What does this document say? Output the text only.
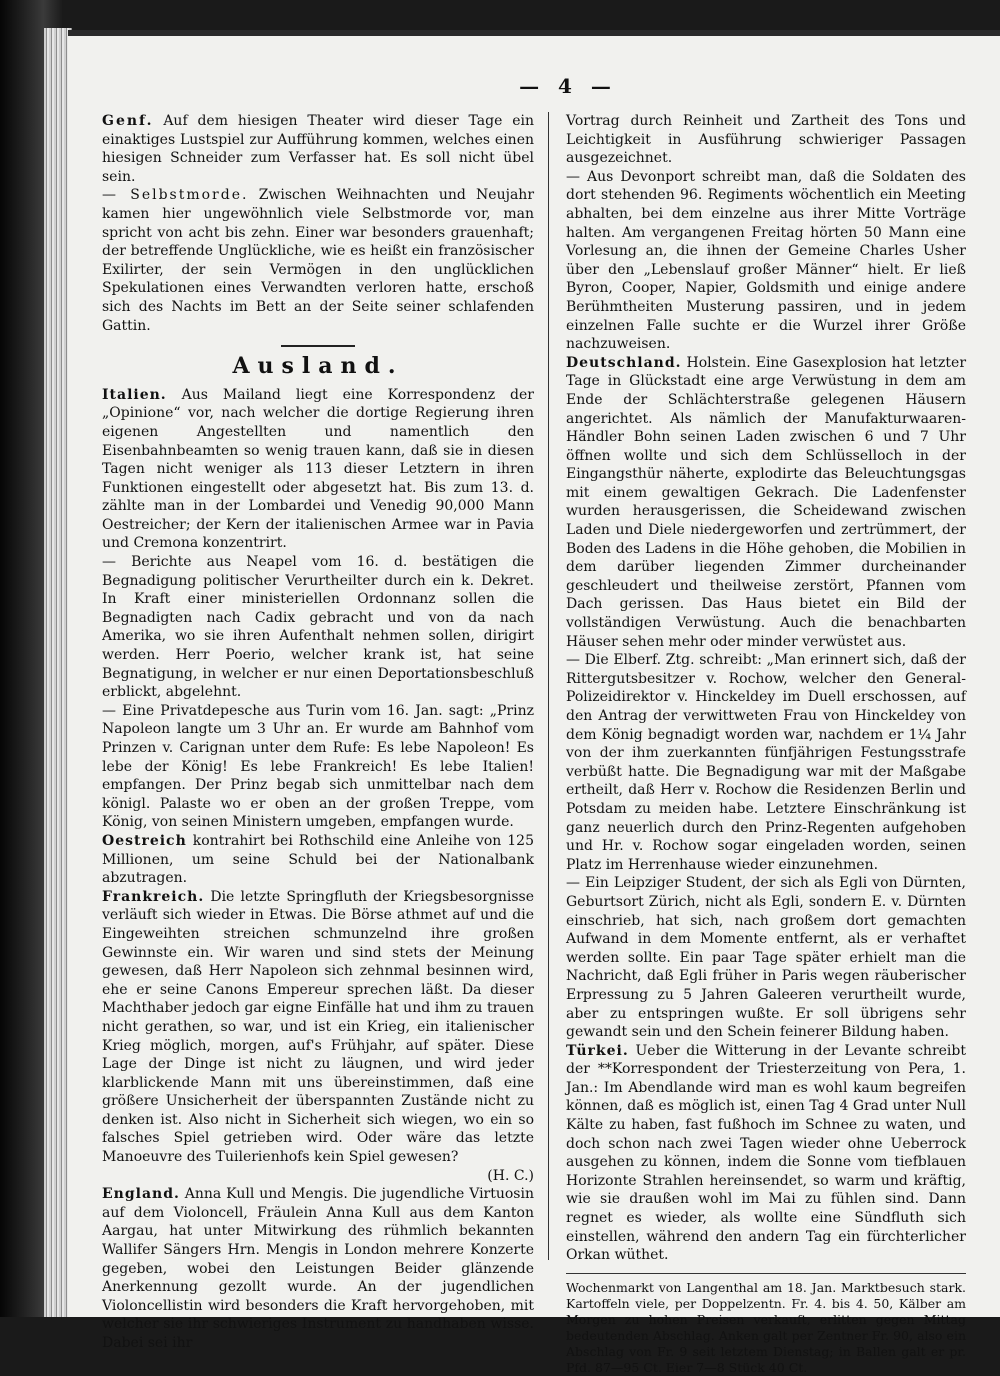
— 4 —

Genf. Auf dem hiesigen Theater wird dieser Tage ein einaktiges Lustspiel zur Aufführung kommen, welches einen hiesigen Schneider zum Verfasser hat. Es soll nicht übel sein.

— Selbstmorde. Zwischen Weihnachten und Neujahr kamen hier ungewöhnlich viele Selbstmorde vor, man spricht von acht bis zehn. Einer war besonders grauenhaft; der betreffende Unglückliche, wie es heißt ein französischer Exilirter, der sein Vermögen in den unglücklichen Spekulationen eines Verwandten verloren hatte, erschoß sich des Nachts im Bett an der Seite seiner schlafenden Gattin.

Ausland.

Italien. Aus Mailand liegt eine Korrespondenz der „Opinione“ vor, nach welcher die dortige Regierung ihren eigenen Angestellten und namentlich den Eisenbahnbeamten so wenig trauen kann, daß sie in diesen Tagen nicht weniger als 113 dieser Letztern in ihren Funktionen eingestellt oder abgesetzt hat. Bis zum 13. d. zählte man in der Lombardei und Venedig 90,000 Mann Oestreicher; der Kern der italienischen Armee war in Pavia und Cremona konzentrirt.

— Berichte aus Neapel vom 16. d. bestätigen die Begnadigung politischer Verurtheilter durch ein k. Dekret. In Kraft einer ministeriellen Ordonnanz sollen die Begnadigten nach Cadix gebracht und von da nach Amerika, wo sie ihren Aufenthalt nehmen sollen, dirigirt werden. Herr Poerio, welcher krank ist, hat seine Begnatigung, in welcher er nur einen Deportationsbeschluß erblickt, abgelehnt.

— Eine Privatdepesche aus Turin vom 16. Jan. sagt: „Prinz Napoleon langte um 3 Uhr an. Er wurde am Bahnhof vom Prinzen v. Carignan unter dem Rufe: Es lebe Napoleon! Es lebe der König! Es lebe Frankreich! Es lebe Italien! empfangen. Der Prinz begab sich unmittelbar nach dem königl. Palaste wo er oben an der großen Treppe, vom König, von seinen Ministern umgeben, empfangen wurde.

Oestreich kontrahirt bei Rothschild eine Anleihe von 125 Millionen, um seine Schuld bei der Nationalbank abzutragen.

Frankreich. Die letzte Springfluth der Kriegsbesorgnisse verläuft sich wieder in Etwas. Die Börse athmet auf und die Eingeweihten streichen schmunzelnd ihre großen Gewinnste ein. Wir waren und sind stets der Meinung gewesen, daß Herr Napoleon sich zehnmal besinnen wird, ehe er seine Canons Empereur sprechen läßt. Da dieser Machthaber jedoch gar eigne Einfälle hat und ihm zu trauen nicht gerathen, so war, und ist ein Krieg, ein italienischer Krieg möglich, morgen, auf's Frühjahr, auf später. Diese Lage der Dinge ist nicht zu läugnen, und wird jeder klarblickende Mann mit uns übereinstimmen, daß eine größere Unsicherheit der überspannten Zustände nicht zu denken ist. Also nicht in Sicherheit sich wiegen, wo ein so falsches Spiel getrieben wird. Oder wäre das letzte Manoeuvre des Tuilerienhofs kein Spiel gewesen?
(H. C.)

England. Anna Kull und Mengis. Die jugendliche Virtuosin auf dem Violoncell, Fräulein Anna Kull aus dem Kanton Aargau, hat unter Mitwirkung des rühmlich bekannten Wallifer Sängers Hrn. Mengis in London mehrere Konzerte gegeben, wobei den Leistungen Beider glänzende Anerkennung gezollt wurde. An der jugendlichen Violoncellistin wird besonders die Kraft hervorgehoben, mit welcher sie ihr schwieriges Instrument zu handhaben wisse. Dabei sei ihr

Vortrag durch Reinheit und Zartheit des Tons und Leichtigkeit in Ausführung schwieriger Passagen ausgezeichnet.

— Aus Devonport schreibt man, daß die Soldaten des dort stehenden 96. Regiments wöchentlich ein Meeting abhalten, bei dem einzelne aus ihrer Mitte Vorträge halten. Am vergangenen Freitag hörten 50 Mann eine Vorlesung an, die ihnen der Gemeine Charles Usher über den „Lebenslauf großer Männer“ hielt. Er ließ Byron, Cooper, Napier, Goldsmith und einige andere Berühmtheiten Musterung passiren, und in jedem einzelnen Falle suchte er die Wurzel ihrer Größe nachzuweisen.

Deutschland. Holstein. Eine Gasexplosion hat letzter Tage in Glückstadt eine arge Verwüstung in dem am Ende der Schlächterstraße gelegenen Häusern angerichtet. Als nämlich der Manufakturwaaren-Händler Bohn seinen Laden zwischen 6 und 7 Uhr öffnen wollte und sich dem Schlüsselloch in der Eingangsthür näherte, explodirte das Beleuchtungsgas mit einem gewaltigen Gekrach. Die Ladenfenster wurden herausgerissen, die Scheidewand zwischen Laden und Diele niedergeworfen und zertrümmert, der Boden des Ladens in die Höhe gehoben, die Mobilien in dem darüber liegenden Zimmer durcheinander geschleudert und theilweise zerstört, Pfannen vom Dach gerissen. Das Haus bietet ein Bild der vollständigen Verwüstung. Auch die benachbarten Häuser sehen mehr oder minder verwüstet aus.

— Die Elberf. Ztg. schreibt: „Man erinnert sich, daß der Rittergutsbesitzer v. Rochow, welcher den General-Polizeidirektor v. Hinckeldey im Duell erschossen, auf den Antrag der verwittweten Frau von Hinckeldey von dem König begnadigt worden war, nachdem er 1¼ Jahr von der ihm zuerkannten fünfjährigen Festungsstrafe verbüßt hatte. Die Begnadigung war mit der Maßgabe ertheilt, daß Herr v. Rochow die Residenzen Berlin und Potsdam zu meiden habe. Letztere Einschränkung ist ganz neuerlich durch den Prinz-Regenten aufgehoben und Hr. v. Rochow sogar eingeladen worden, seinen Platz im Herrenhause wieder einzunehmen.

— Ein Leipziger Student, der sich als Egli von Dürnten, Geburtsort Zürich, nicht als Egli, sondern E. v. Dürnten einschrieb, hat sich, nach großem dort gemachten Aufwand in dem Momente entfernt, als er verhaftet werden sollte. Ein paar Tage später erhielt man die Nachricht, daß Egli früher in Paris wegen räuberischer Erpressung zu 5 Jahren Galeeren verurtheilt wurde, aber zu entspringen wußte. Er soll übrigens sehr gewandt sein und den Schein feinerer Bildung haben.

Türkei. Ueber die Witterung in der Levante schreibt der **Korrespondent der Triesterzeitung von Pera, 1. Jan.: Im Abendlande wird man es wohl kaum begreifen können, daß es möglich ist, einen Tag 4 Grad unter Null Kälte zu haben, fast fußhoch im Schnee zu waten, und doch schon nach zwei Tagen wieder ohne Ueberrock ausgehen zu können, indem die Sonne vom tiefblauen Horizonte Strahlen hereinsendet, so warm und kräftig, wie sie draußen wohl im Mai zu fühlen sind. Dann regnet es wieder, als wollte eine Sündfluth sich einstellen, während den andern Tag ein fürchterlicher Orkan wüthet.

Wochenmarkt von Langenthal am 18. Jan. Marktbesuch stark. Kartoffeln viele, per Doppelzentn. Fr. 4. bis 4. 50, Kälber am Morgen zu hohen Preisen verkauft, erlitten gegen Mittag bedeutenden Abschlag. Anken galt per Zentner Fr. 90, also ein Abschlag von Fr. 9 seit letztem Dienstag; in Ballen galt er pr. Pfd. 87—95 Ct. Eier 7—8 Stück 40 Ct.
